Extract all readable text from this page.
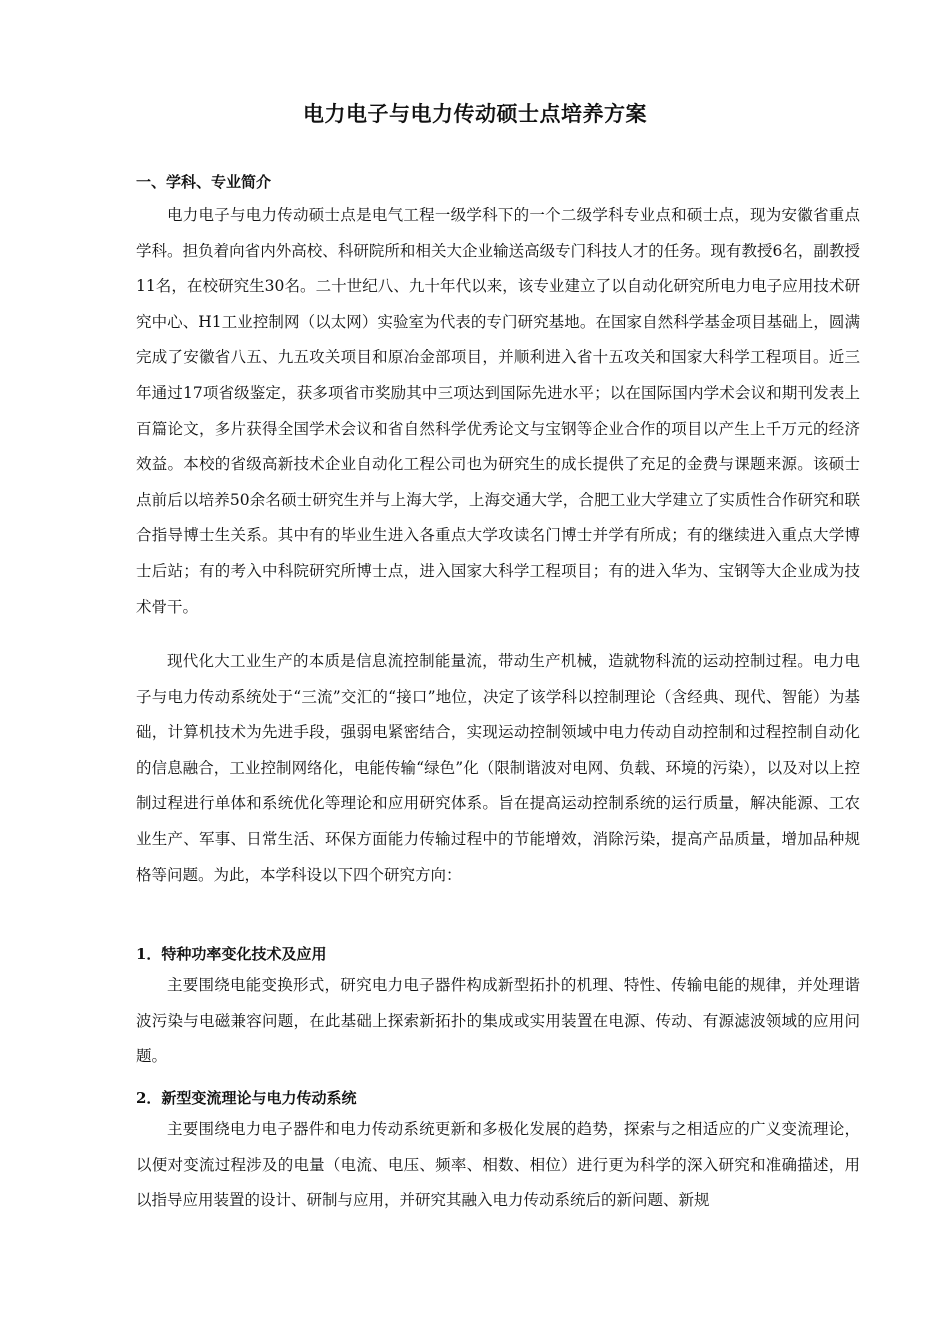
电力电子与电力传动硕士点培养方案
一、学科、专业简介

电力电子与电力传动硕士点是电气工程一级学科下的一个二级学科专业点和硕士点，现为安徽省重点学科。担负着向省内外高校、科研院所和相关大企业输送高级专门科技人才的任务。现有教授6名，副教授11名，在校研究生30名。二十世纪八、九十年代以来，该专业建立了以自动化研究所电力电子应用技术研究中心、H1工业控制网（以太网）实验室为代表的专门研究基地。在国家自然科学基金项目基础上，圆满完成了安徽省八五、九五攻关项目和原冶金部项目，并顺利进入省十五攻关和国家大科学工程项目。近三年通过17项省级鉴定，获多项省市奖励其中三项达到国际先进水平；以在国际国内学术会议和期刊发表上百篇论文，多片获得全国学术会议和省自然科学优秀论文与宝钢等企业合作的项目以产生上千万元的经济效益。本校的省级高新技术企业自动化工程公司也为研究生的成长提供了充足的金费与课题来源。该硕士点前后以培养50余名硕士研究生并与上海大学，上海交通大学，合肥工业大学建立了实质性合作研究和联合指导博士生关系。其中有的毕业生进入各重点大学攻读名门博士并学有所成；有的继续进入重点大学博士后站；有的考入中科院研究所博士点，进入国家大科学工程项目；有的进入华为、宝钢等大企业成为技术骨干。

现代化大工业生产的本质是信息流控制能量流，带动生产机械，造就物科流的运动控制过程。电力电子与电力传动系统处于“三流”交汇的“接口”地位，决定了该学科以控制理论（含经典、现代、智能）为基础，计算机技术为先进手段，强弱电紧密结合，实现运动控制领域中电力传动自动控制和过程控制自动化的信息融合，工业控制网络化，电能传输“绿色”化（限制谐波对电网、负载、环境的污染），以及对以上控制过程进行单体和系统优化等理论和应用研究体系。旨在提高运动控制系统的运行质量，解决能源、工农业生产、军事、日常生活、环保方面能力传输过程中的节能增效，消除污染，提高产品质量，增加品种规格等问题。为此，本学科设以下四个研究方向：

1．特种功率变化技术及应用

主要围绕电能变换形式，研究电力电子器件构成新型拓扑的机理、特性、传输电能的规律，并处理谐波污染与电磁兼容问题，在此基础上探索新拓扑的集成或实用装置在电源、传动、有源滤波领域的应用问题。

2．新型变流理论与电力传动系统

主要围绕电力电子器件和电力传动系统更新和多极化发展的趋势，探索与之相适应的广义变流理论，以便对变流过程涉及的电量（电流、电压、频率、相数、相位）进行更为科学的深入研究和准确描述，用以指导应用装置的设计、研制与应用，并研究其融入电力传动系统后的新问题、新规
